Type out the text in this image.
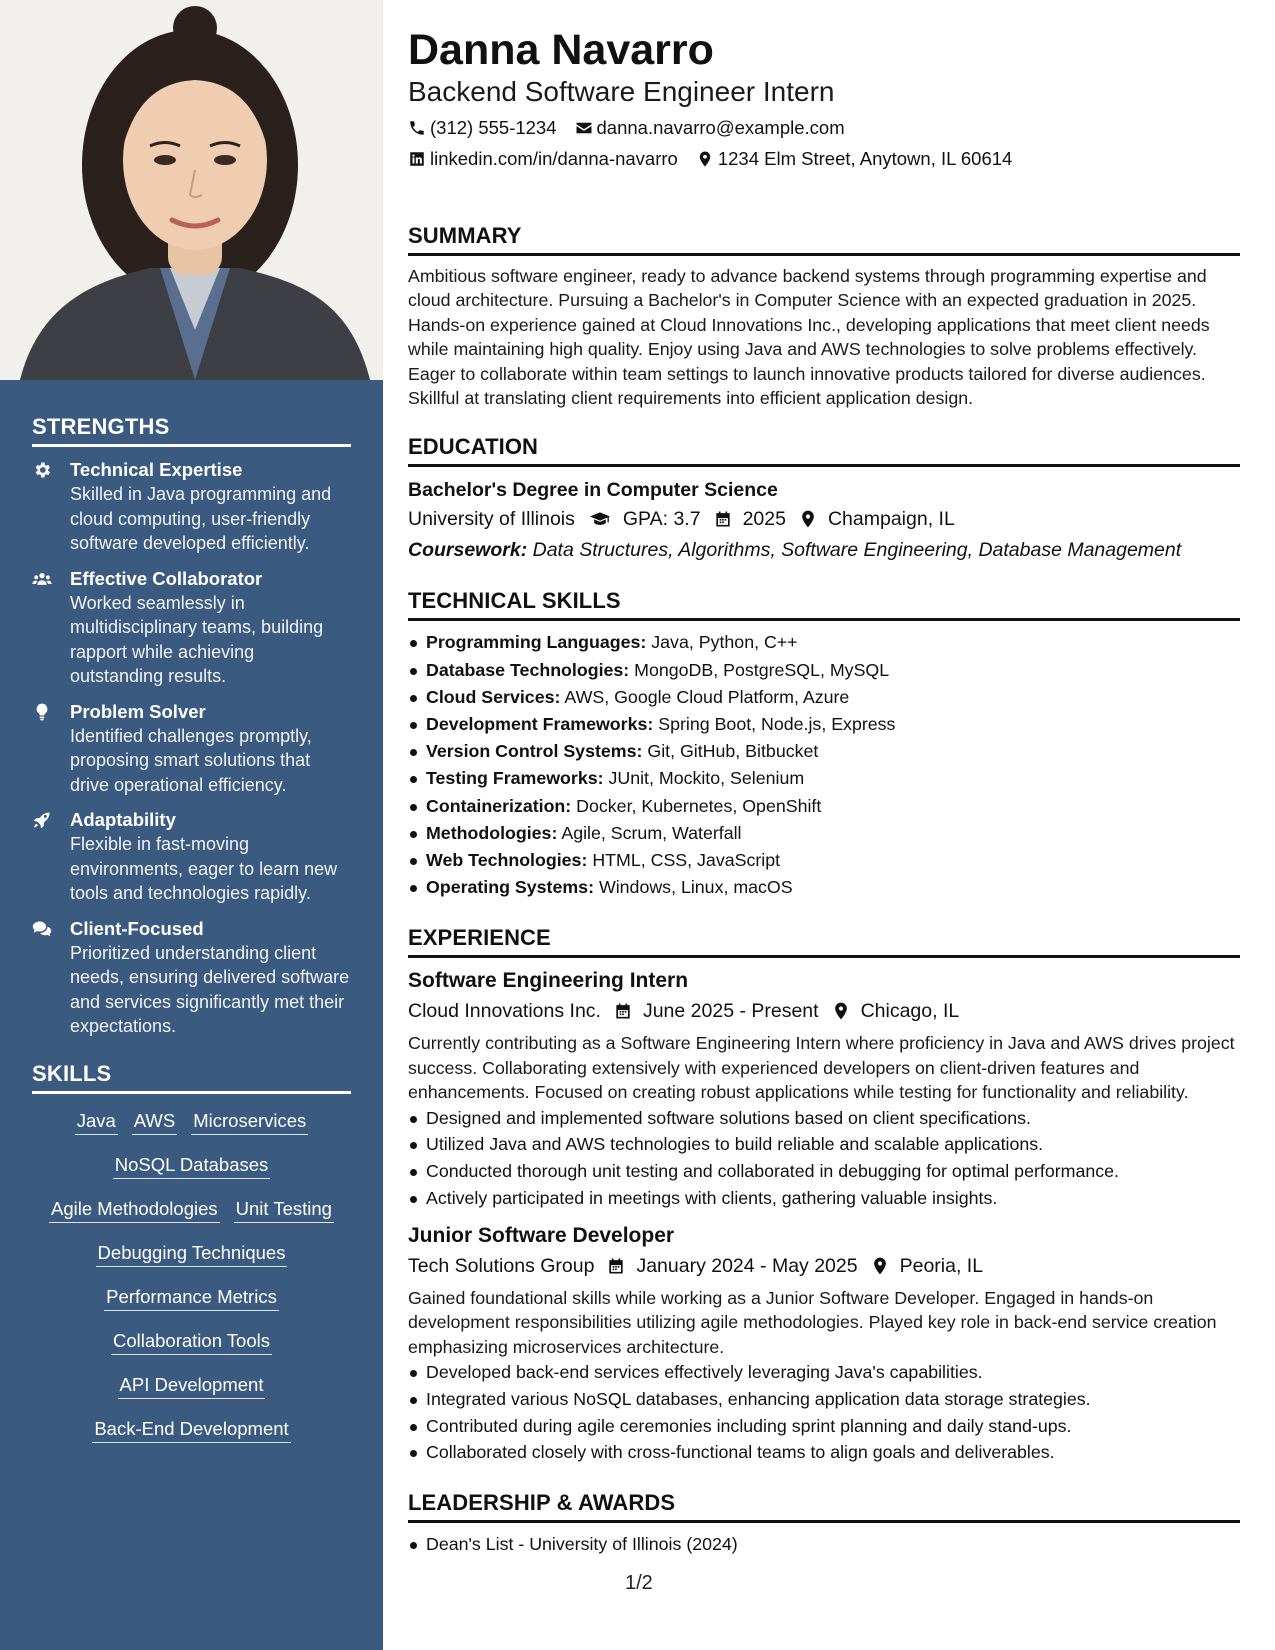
STRENGTHS
Technical Expertise
Skilled in Java programming and cloud computing, user-friendly software developed efficiently.
Effective Collaborator
Worked seamlessly in multidisciplinary teams, building rapport while achieving outstanding results.
Problem Solver
Identified challenges promptly, proposing smart solutions that drive operational efficiency.
Adaptability
Flexible in fast-moving environments, eager to learn new tools and technologies rapidly.
Client-Focused
Prioritized understanding client needs, ensuring delivered software and services significantly met their expectations.
SKILLS
Java AWS Microservices
NoSQL Databases
Agile Methodologies Unit Testing
Debugging Techniques
Performance Metrics
Collaboration Tools
API Development
Back-End Development
Danna Navarro
Backend Software Engineer Intern
(312) 555-1234 danna.navarro@example.com
linkedin.com/in/danna-navarro 1234 Elm Street, Anytown, IL 60614
SUMMARY
Ambitious software engineer, ready to advance backend systems through programming expertise and cloud architecture. Pursuing a Bachelor's in Computer Science with an expected graduation in 2025. Hands-on experience gained at Cloud Innovations Inc., developing applications that meet client needs while maintaining high quality. Enjoy using Java and AWS technologies to solve problems effectively. Eager to collaborate within team settings to launch innovative products tailored for diverse audiences. Skillful at translating client requirements into efficient application design.
EDUCATION
Bachelor's Degree in Computer Science
University of Illinois GPA: 3.7 2025 Champaign, IL
Coursework: Data Structures, Algorithms, Software Engineering, Database Management
TECHNICAL SKILLS
Programming Languages: Java, Python, C++
Database Technologies: MongoDB, PostgreSQL, MySQL
Cloud Services: AWS, Google Cloud Platform, Azure
Development Frameworks: Spring Boot, Node.js, Express
Version Control Systems: Git, GitHub, Bitbucket
Testing Frameworks: JUnit, Mockito, Selenium
Containerization: Docker, Kubernetes, OpenShift
Methodologies: Agile, Scrum, Waterfall
Web Technologies: HTML, CSS, JavaScript
Operating Systems: Windows, Linux, macOS
EXPERIENCE
Software Engineering Intern
Cloud Innovations Inc. June 2025 - Present Chicago, IL
Currently contributing as a Software Engineering Intern where proficiency in Java and AWS drives project success. Collaborating extensively with experienced developers on client-driven features and enhancements. Focused on creating robust applications while testing for functionality and reliability.
Designed and implemented software solutions based on client specifications.
Utilized Java and AWS technologies to build reliable and scalable applications.
Conducted thorough unit testing and collaborated in debugging for optimal performance.
Actively participated in meetings with clients, gathering valuable insights.
Junior Software Developer
Tech Solutions Group January 2024 - May 2025 Peoria, IL
Gained foundational skills while working as a Junior Software Developer. Engaged in hands-on development responsibilities utilizing agile methodologies. Played key role in back-end service creation emphasizing microservices architecture.
Developed back-end services effectively leveraging Java's capabilities.
Integrated various NoSQL databases, enhancing application data storage strategies.
Contributed during agile ceremonies including sprint planning and daily stand-ups.
Collaborated closely with cross-functional teams to align goals and deliverables.
LEADERSHIP & AWARDS
Dean's List - University of Illinois (2024)
1/2
